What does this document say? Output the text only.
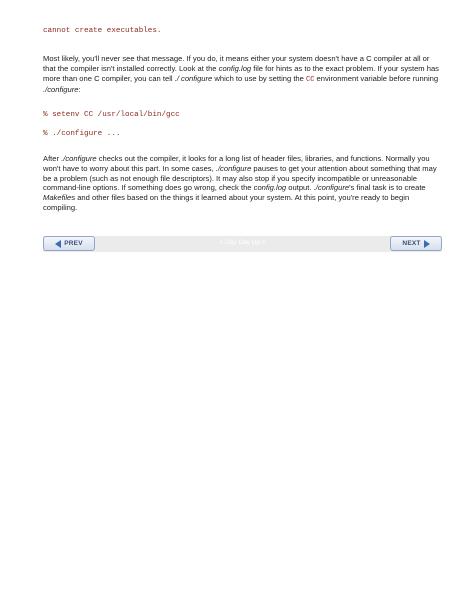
cannot create executables.

Most likely, you'll never see that message. If you do, it means either your system doesn't have a C compiler at all or that the compiler isn't installed correctly. Look at the config.log file for hints as to the exact problem. If your system has more than one C compiler, you can tell ./ configure which to use by setting the CC environment variable before running ./configure:

% setenv CC /usr/local/bin/gcc

% ./configure ...

After ./configure checks out the compiler, it looks for a long list of header files, libraries, and functions. Normally you won't have to worry about this part. In some cases, ./configure pauses to get your attention about something that may be a problem (such as not enough file descriptors). It may also stop if you specify incompatible or unreasonable command-line options. If something does go wrong, check the config.log output. ./configure's final task is to create Makefiles and other files based on the things it learned about your system. At this point, you're ready to begin compiling.

PREV	< Day Day Up >	NEXT
